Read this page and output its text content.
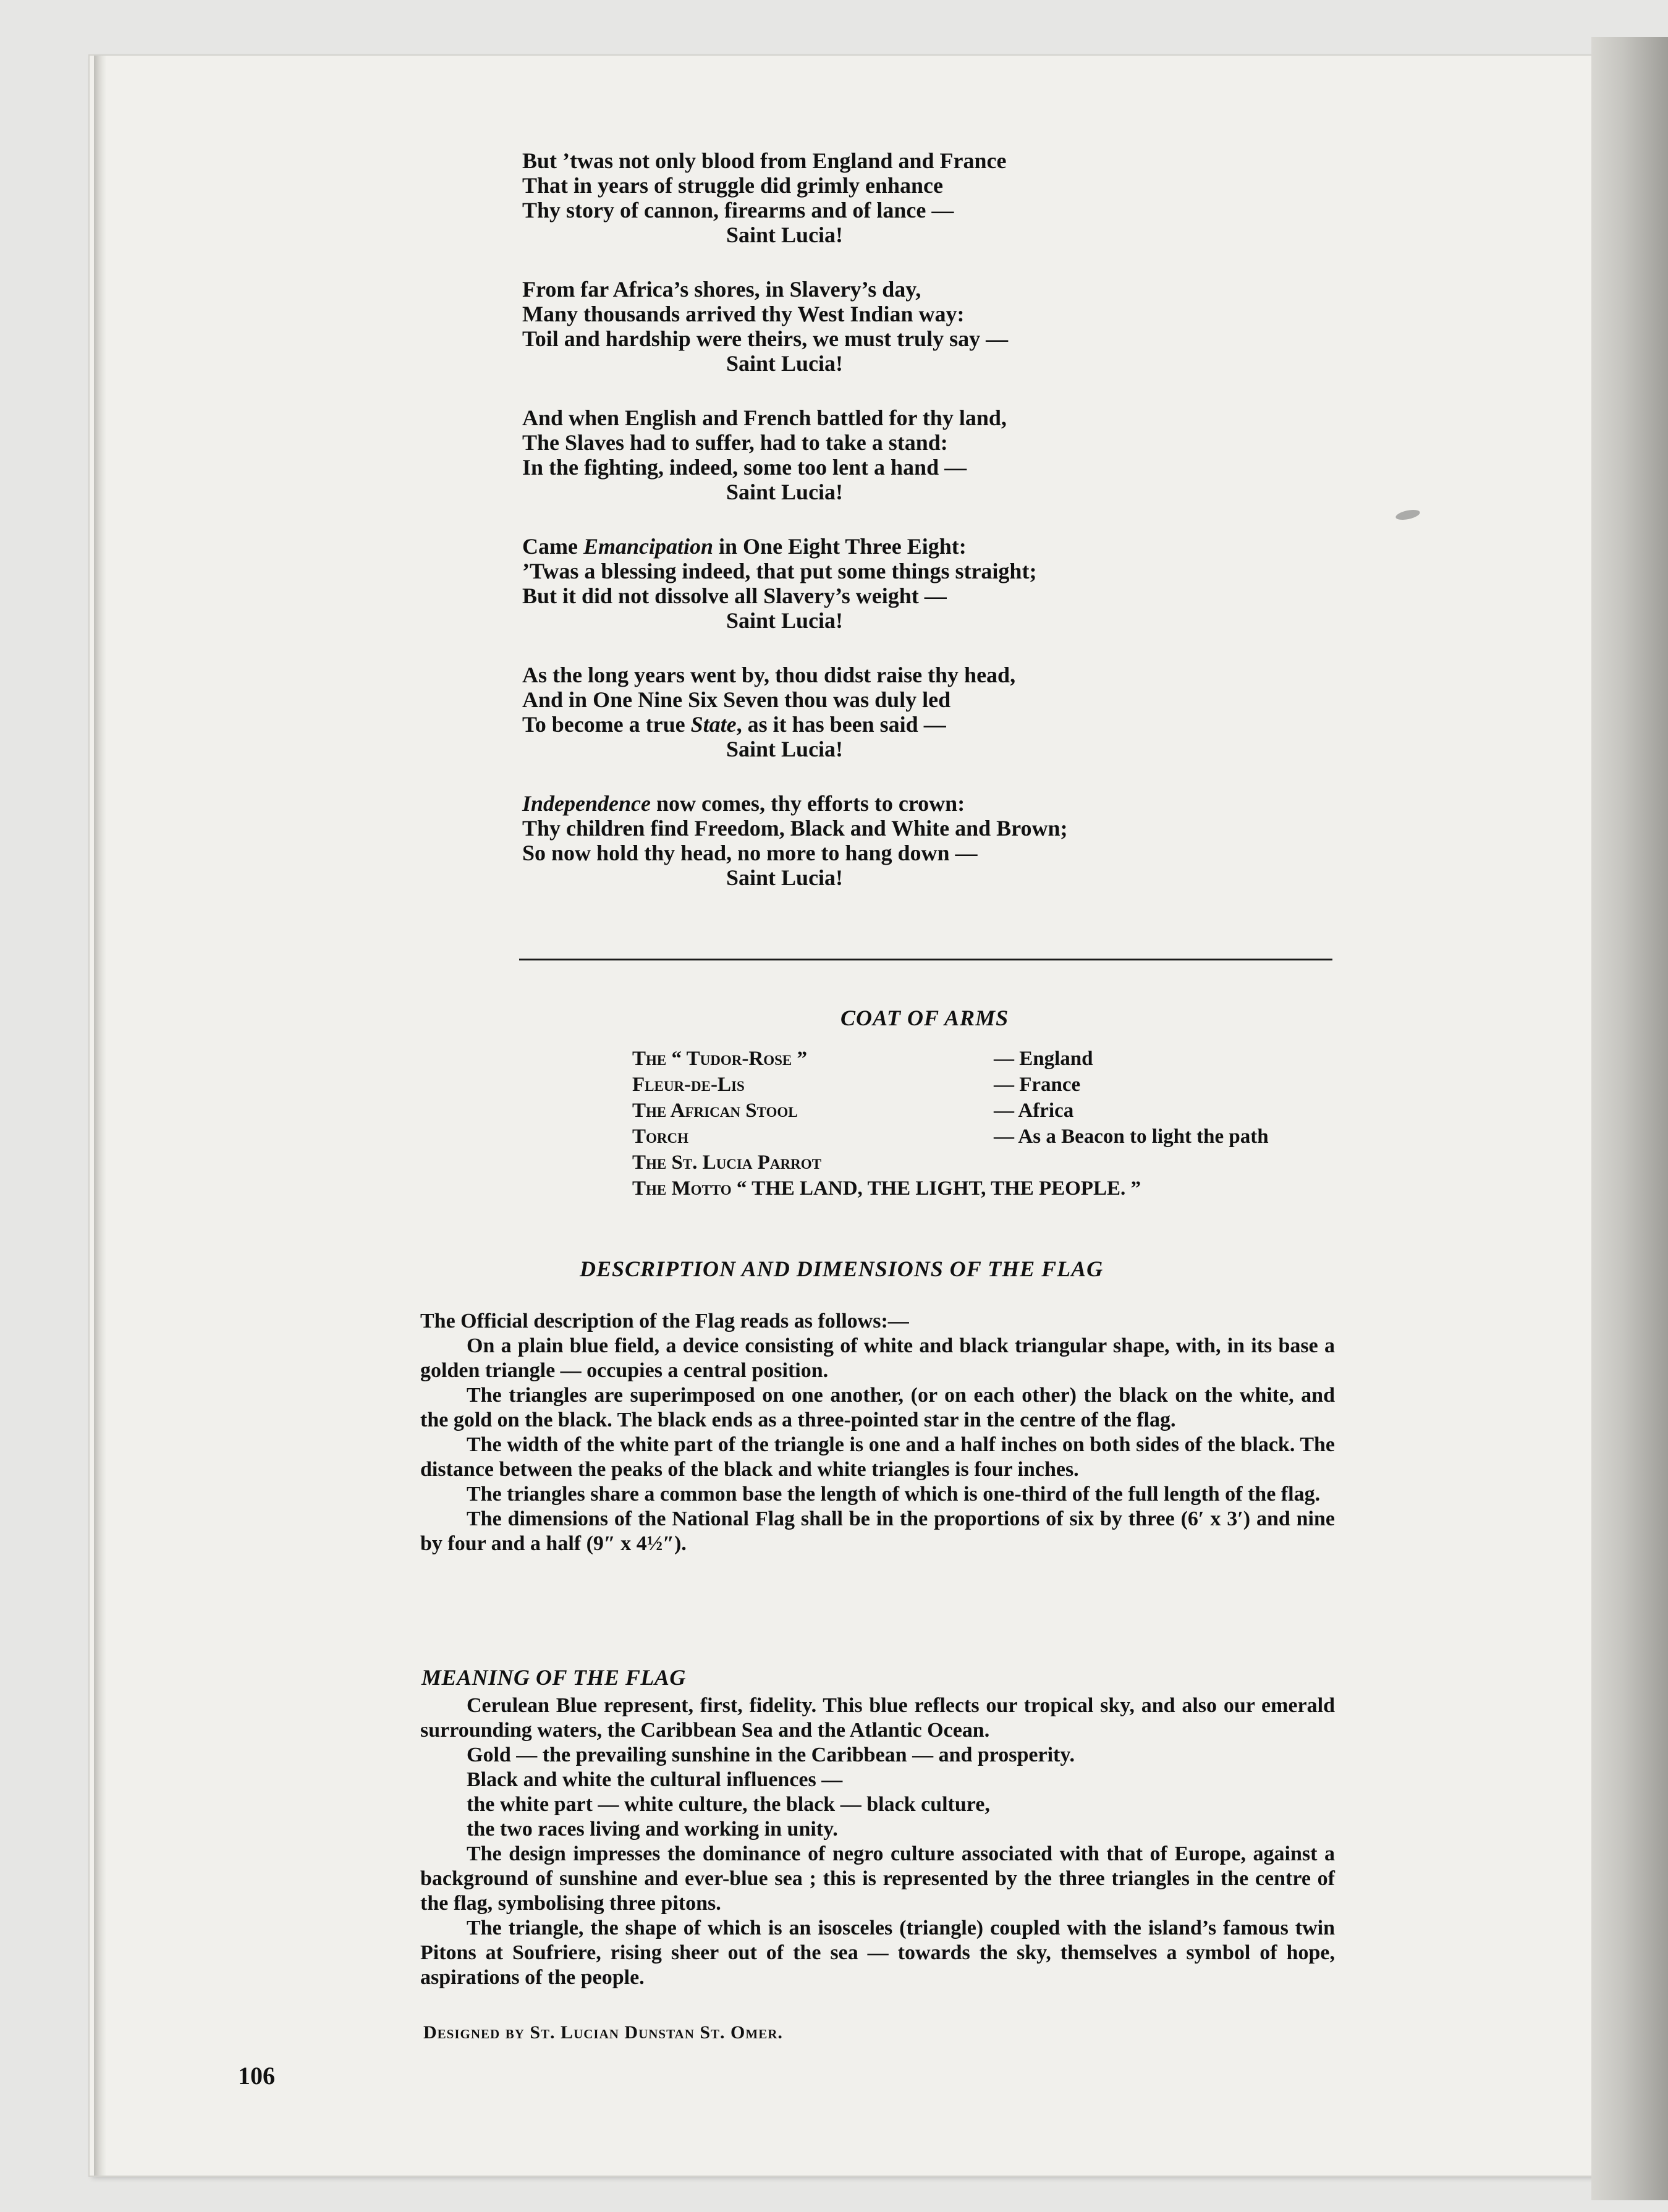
But ’twas not only blood from England and France
That in years of struggle did grimly enhance
Thy story of cannon, firearms and of lance —
Saint Lucia!
From far Africa’s shores, in Slavery’s day,
Many thousands arrived thy West Indian way:
Toil and hardship were theirs, we must truly say —
Saint Lucia!
And when English and French battled for thy land,
The Slaves had to suffer, had to take a stand:
In the fighting, indeed, some too lent a hand —
Saint Lucia!
Came Emancipation in One Eight Three Eight:
’Twas a blessing indeed, that put some things straight;
But it did not dissolve all Slavery’s weight —
Saint Lucia!
As the long years went by, thou didst raise thy head,
And in One Nine Six Seven thou was duly led
To become a true State, as it has been said —
Saint Lucia!
Independence now comes, thy efforts to crown:
Thy children find Freedom, Black and White and Brown;
So now hold thy head, no more to hang down —
Saint Lucia!
COAT OF ARMS
The “ Tudor-Rose ”	— England
Fleur-de-Lis	— France
The African Stool	— Africa
Torch	— As a Beacon to light the path
The St. Lucia Parrot
The Motto “ THE LAND, THE LIGHT, THE PEOPLE. ”
DESCRIPTION AND DIMENSIONS OF THE FLAG

The Official description of the Flag reads as follows:—

On a plain blue field, a device consisting of white and black triangular shape, with, in its base a golden triangle — occupies a central position.

The triangles are superimposed on one another, (or on each other) the black on the white, and the gold on the black. The black ends as a three-pointed star in the centre of the flag.

The width of the white part of the triangle is one and a half inches on both sides of the black. The distance between the peaks of the black and white triangles is four inches.

The triangles share a common base the length of which is one-third of the full length of the flag.

The dimensions of the National Flag shall be in the proportions of six by three (6′ x 3′) and nine by four and a half (9″ x 4½″).

MEANING OF THE FLAG

Cerulean Blue represent, first, fidelity. This blue reflects our tropical sky, and also our emerald surrounding waters, the Caribbean Sea and the Atlantic Ocean.

Gold — the prevailing sunshine in the Caribbean — and prosperity.

Black and white the cultural influences —

the white part — white culture, the black — black culture,

the two races living and working in unity.

The design impresses the dominance of negro culture associated with that of Europe, against a background of sunshine and ever-blue sea ; this is represented by the three triangles in the centre of the flag, symbolising three pitons.

The triangle, the shape of which is an isosceles (triangle) coupled with the island’s famous twin Pitons at Soufriere, rising sheer out of the sea — towards the sky, themselves a symbol of hope, aspirations of the people.

Designed by St. Lucian Dunstan St. Omer.
106
